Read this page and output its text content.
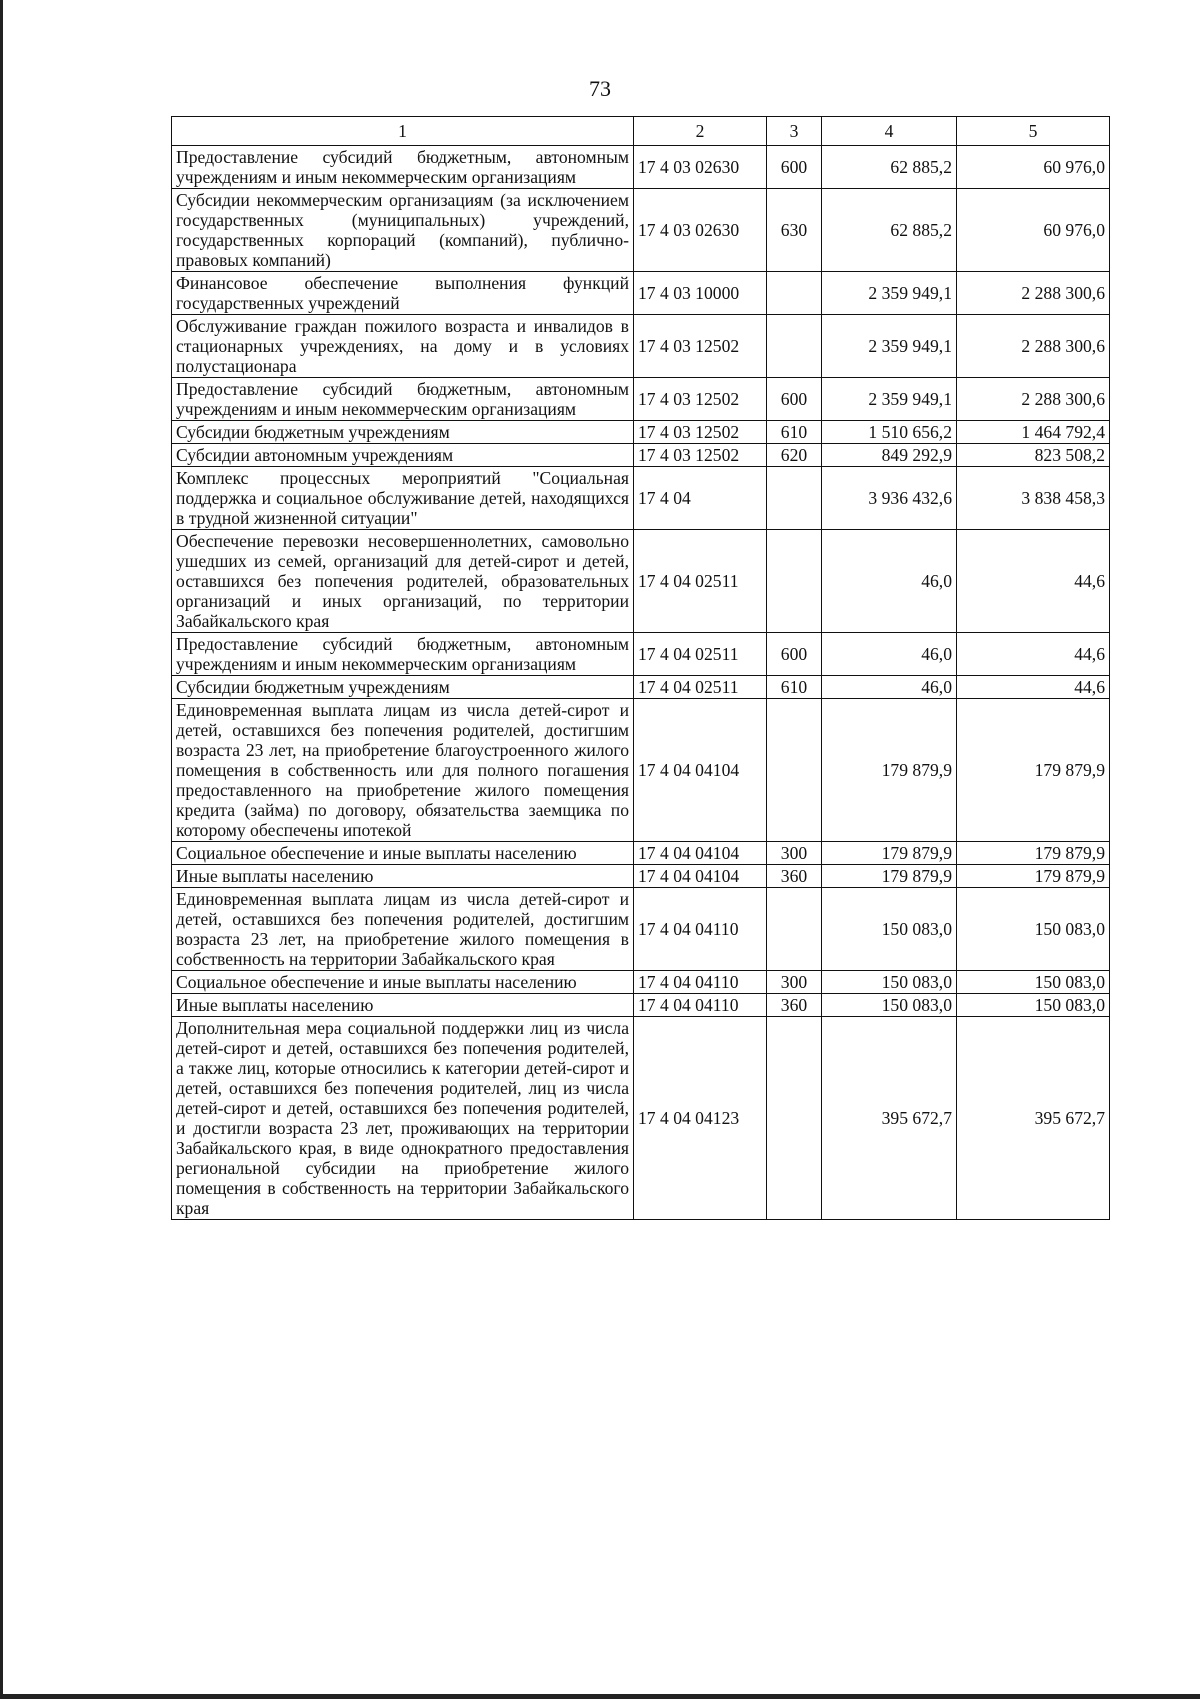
73
1	2	3	4	5
Предоставление субсидий бюджетным, автономным учреждениям и иным некоммерческим организациям	17 4 03 02630	600	62 885,2	60 976,0
Субсидии некоммерческим организациям (за исключением государственных (муниципальных) учреждений, государственных корпораций (компаний), публично-правовых компаний)	17 4 03 02630	630	62 885,2	60 976,0
Финансовое обеспечение выполнения функций государственных учреждений	17 4 03 10000		2 359 949,1	2 288 300,6
Обслуживание граждан пожилого возраста и инвалидов в стационарных учреждениях, на дому и в условиях полустационара	17 4 03 12502		2 359 949,1	2 288 300,6
Предоставление субсидий бюджетным, автономным учреждениям и иным некоммерческим организациям	17 4 03 12502	600	2 359 949,1	2 288 300,6
Субсидии бюджетным учреждениям	17 4 03 12502	610	1 510 656,2	1 464 792,4
Субсидии автономным учреждениям	17 4 03 12502	620	849 292,9	823 508,2
Комплекс процессных мероприятий "Социальная поддержка и социальное обслуживание детей, находящихся в трудной жизненной ситуации"	17 4 04		3 936 432,6	3 838 458,3
Обеспечение перевозки несовершеннолетних, самовольно ушедших из семей, организаций для детей-сирот и детей, оставшихся без попечения родителей, образовательных организаций и иных организаций, по территории Забайкальского края	17 4 04 02511		46,0	44,6
Предоставление субсидий бюджетным, автономным учреждениям и иным некоммерческим организациям	17 4 04 02511	600	46,0	44,6
Субсидии бюджетным учреждениям	17 4 04 02511	610	46,0	44,6
Единовременная выплата лицам из числа детей-сирот и детей, оставшихся без попечения родителей, достигшим возраста 23 лет, на приобретение благоустроенного жилого помещения в собственность или для полного погашения предоставленного на приобретение жилого помещения кредита (займа) по договору, обязательства заемщика по которому обеспечены ипотекой	17 4 04 04104		179 879,9	179 879,9
Социальное обеспечение и иные выплаты населению	17 4 04 04104	300	179 879,9	179 879,9
Иные выплаты населению	17 4 04 04104	360	179 879,9	179 879,9
Единовременная выплата лицам из числа детей-сирот и детей, оставшихся без попечения родителей, достигшим возраста 23 лет, на приобретение жилого помещения в собственность на территории Забайкальского края	17 4 04 04110		150 083,0	150 083,0
Социальное обеспечение и иные выплаты населению	17 4 04 04110	300	150 083,0	150 083,0
Иные выплаты населению	17 4 04 04110	360	150 083,0	150 083,0
Дополнительная мера социальной поддержки лиц из числа детей-сирот и детей, оставшихся без попечения родителей, а также лиц, которые относились к категории детей-сирот и детей, оставшихся без попечения родителей, лиц из числа детей-сирот и детей, оставшихся без попечения родителей, и достигли возраста 23 лет, проживающих на территории Забайкальского края, в виде однократного предоставления региональной субсидии на приобретение жилого помещения в собственность на территории Забайкальского края	17 4 04 04123		395 672,7	395 672,7
